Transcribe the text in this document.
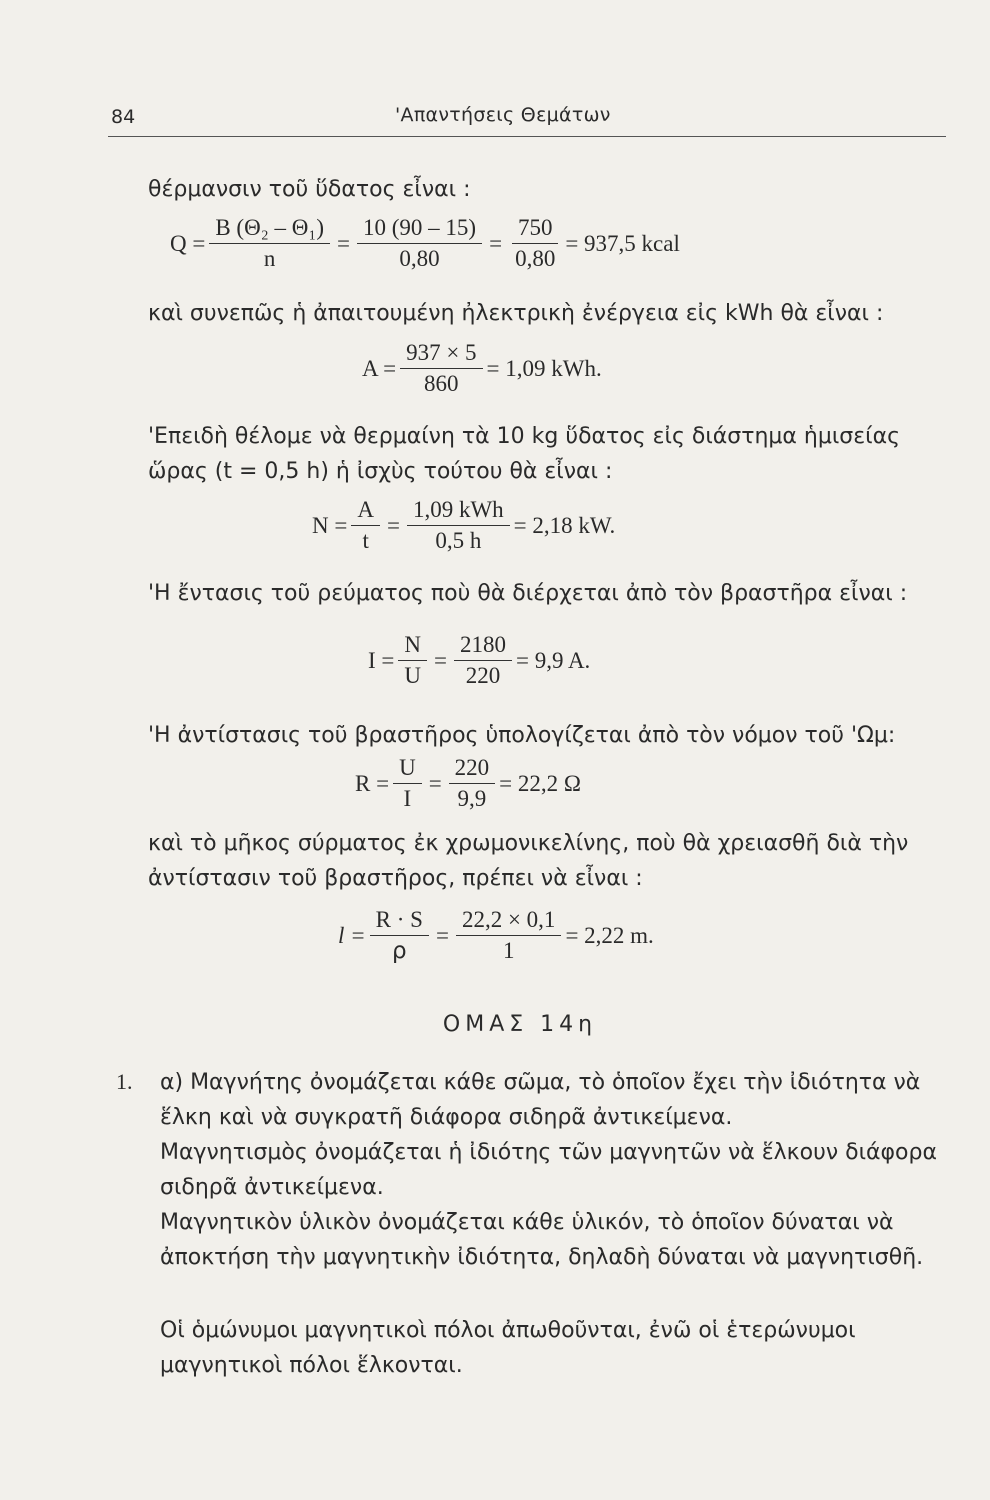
84	'Απαντήσεις Θεμάτων
θέρμανσιν τοῦ ὕδατος εἶναι :
$Q = \frac{\text{B (Θ₂ – Θ₁)}}{n} = \frac{10 (90 - 15)}{0,80} = \frac{750}{0,80} = 937,5$ kcal
καὶ συνεπῶς ἡ ἀπαιτουμένη ἠλεκτρικὴ ἐνέργεια εἰς kWh θὰ εἶναι :
$A = \frac{937 \times 5}{860} = 1,09$ kWh.
'Επειδὴ θέλομε νὰ θερμαίνη τὰ 10 kg ὕδατος εἰς διάστημα ἡμισείας ὥρας (t = 0,5 h) ἡ ἰσχὺς τούτου θὰ εἶναι :
$N = \frac{A}{t} = \frac{\text{1,09 kWh}}{0,5 h} = 2,18$ kW.
'Η ἔντασις τοῦ ρεύματος ποὺ θὰ διέρχεται ἀπὸ τὸν βραστῆρα εἶναι :
$I = \frac{N}{U} = \frac{2180}{220} = 9,9$ A.
'Η ἀντίστασις τοῦ βραστῆρος ὑπολογίζεται ἀπὸ τὸν νόμον τοῦ 'Ωμ:
$R = \frac{U}{I} = \frac{220}{9,9} = 22,2$ Ω
καὶ τὸ μῆκος σύρματος ἐκ χρωμονικελίνης, ποὺ θὰ χρειασθῆ διὰ τὴν ἀντίστασιν τοῦ βραστῆρος, πρέπει νὰ εἶναι :
$l = \frac{R \cdot S}{\rho} = \frac{22,2 \times 0,1}{1} = 2,22$ m.
ΟΜΑΣ 14η
1. α) Μαγνήτης ὀνομάζεται κάθε σῶμα, τὸ ὁποῖον ἔχει τὴν ἰδιότητα νὰ ἕλκη καὶ νὰ συγκρατῆ διάφορα σιδηρᾶ ἀντικείμενα.
Μαγνητισμὸς ὀνομάζεται ἡ ἰδιότης τῶν μαγνητῶν νὰ ἕλκουν διάφορα σιδηρᾶ ἀντικείμενα.
Μαγνητικὸν ὑλικὸν ὀνομάζεται κάθε ὑλικόν, τὸ ὁποῖον δύναται νὰ ἀποκτήση τὴν μαγνητικὴν ἰδιότητα, δηλαδὴ δύναται νὰ μαγνητισθῆ.
Οἱ ὁμώνυμοι μαγνητικοὶ πόλοι ἀπωθοῦνται, ἐνῶ οἱ ἑτερώνυμοι μαγνητικοὶ πόλοι ἕλκονται.
